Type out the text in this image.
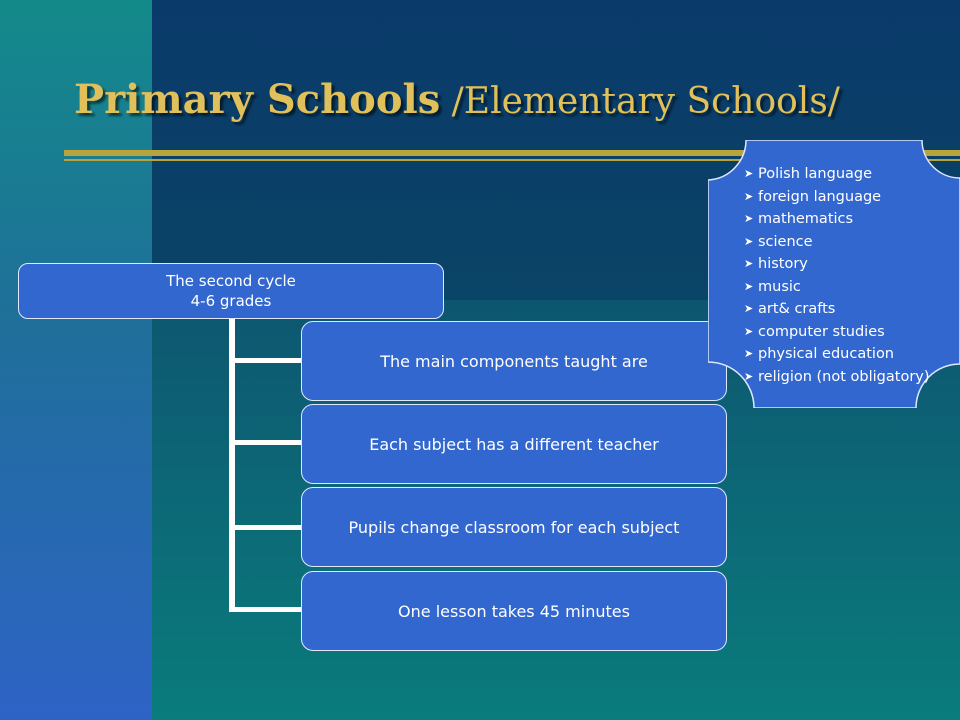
Primary Schools /Elementary Schools/
The second cycle
4-6 grades
The main components taught are
Each subject has a different teacher
Pupils change classroom for each subject
One lesson takes 45 minutes
➤ Polish language
➤ foreign language
➤ mathematics
➤ science
➤ history
➤ music
➤ art& crafts
➤ computer studies
➤ physical education
➤ religion (not obligatory)
